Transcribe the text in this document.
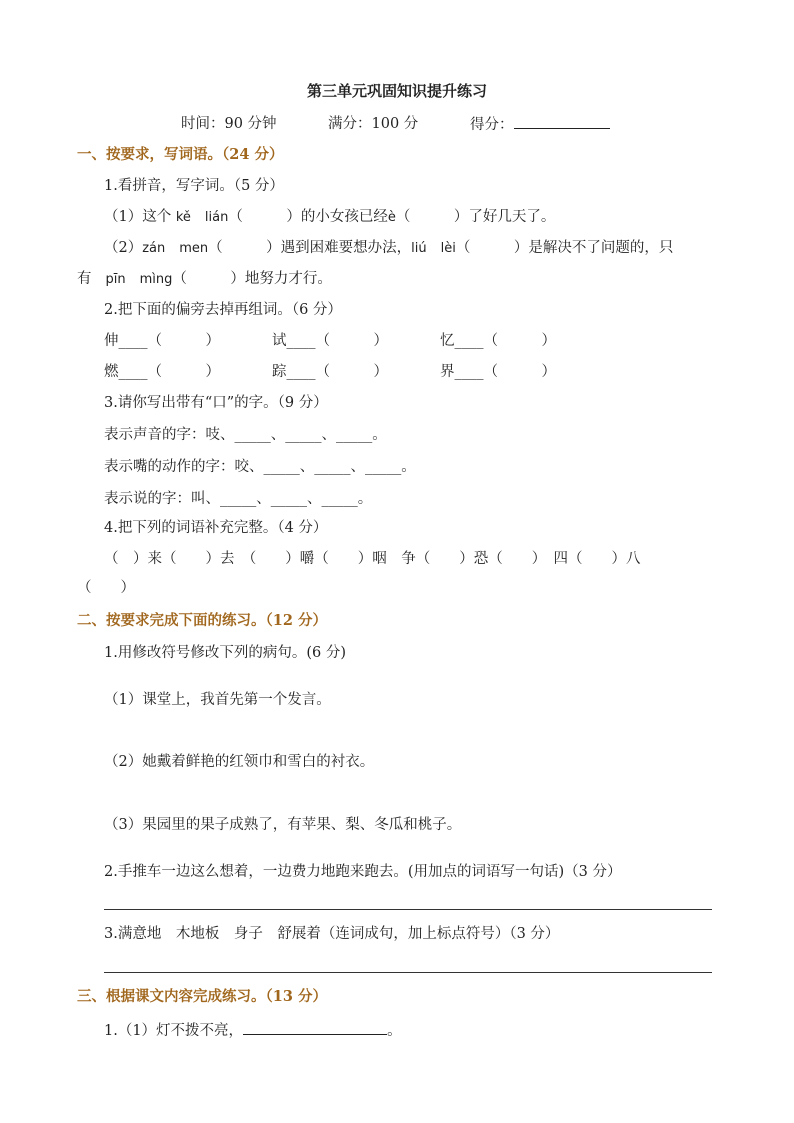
第三单元巩固知识提升练习
时间：90 分钟	满分：100 分	得分：
一、按要求，写词语。（24 分）
1.看拼音，写字词。（5 分）
（1）这个 kě lián（　　　）的小女孩已经è（　　　）了好几天了。
（2）zán men（　　　）遇到困难要想办法，liú lèi（　　　）是解决不了问题的，只
有 pīn mìng（　　　）地努力才行。
2.把下面的偏旁去掉再组词。（6 分）
伸____（　　　）	试____（　　　）	忆____（　　　）
燃____（　　　）	踪____（　　　）	界____（　　　）
3.请你写出带有“口”的字。（9 分）
表示声音的字：吱、_____、_____、_____。
表示嘴的动作的字：咬、_____、_____、_____。
表示说的字：叫、_____、_____、_____。
4.把下列的词语补充完整。（4 分）
（　）来（　　）去　（　　）嚼（　　）咽　争（　　）恐（　　）　四（　　）八
（　　）
二、按要求完成下面的练习。（12 分）
1.用修改符号修改下列的病句。(6 分)
（1）课堂上，我首先第一个发言。
（2）她戴着鲜艳的红领巾和雪白的衬衣。
（3）果园里的果子成熟了，有苹果、梨、冬瓜和桃子。
2.手推车一边这么想着，一边费力地跑来跑去。(用加点的词语写一句话)（3 分）
3.满意地　木地板　身子　舒展着（连词成句，加上标点符号）（3 分）
三、根据课文内容完成练习。（13 分）
1.（1）灯不拨不亮，	。
